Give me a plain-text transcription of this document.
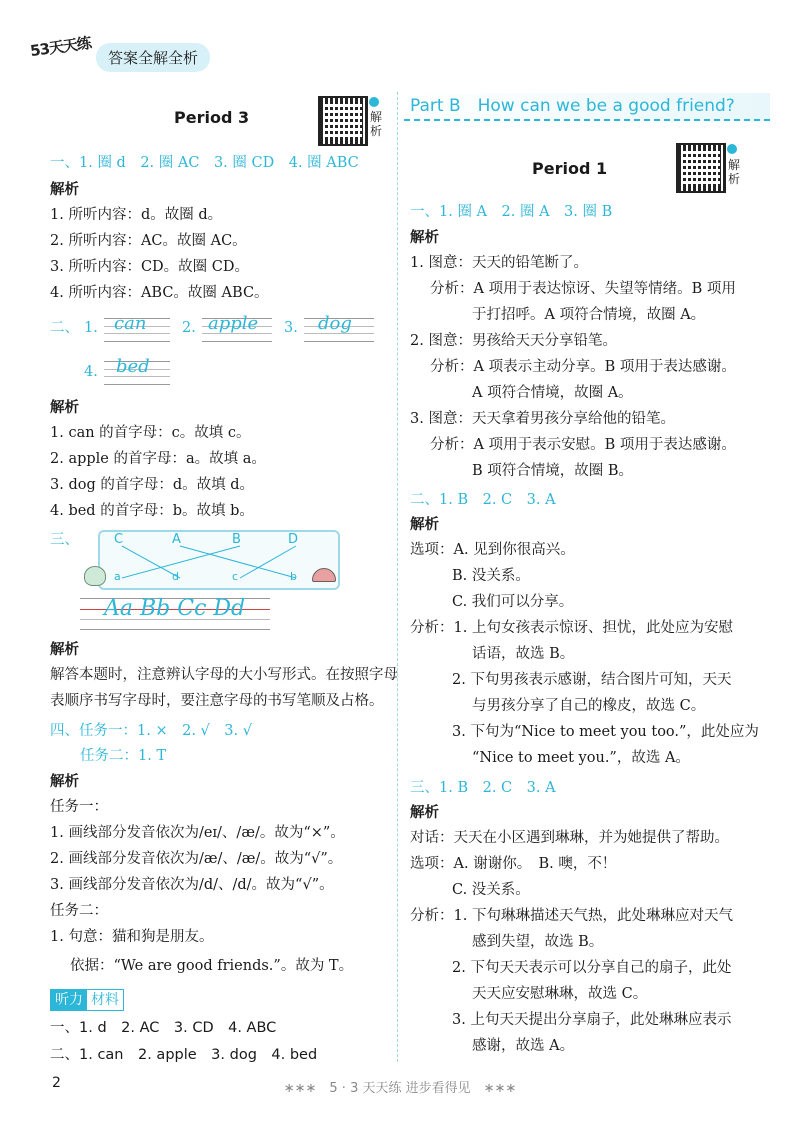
53天天练	答案全解全析
Part B　How can we be a good friend?
Period 3	解析
一、1. 圈 d　2. 圈 AC　3. 圈 CD　4. 圈 ABC
解析
1. 所听内容：d。故圈 d。
2. 所听内容：AC。故圈 AC。
3. 所听内容：CD。故圈 CD。
4. 所听内容：ABC。故圈 ABC。
二、 1. can 2. apple 3. dog
4. bed
解析
1. can 的首字母：c。故填 c。
2. apple 的首字母：a。故填 a。
3. dog 的首字母：d。故填 d。
4. bed 的首字母：b。故填 b。
三、	C	A	B	D
a	d	c	b
Aa Bb Cc Dd
解析
解答本题时，注意辨认字母的大小写形式。在按照字母
表顺序书写字母时，要注意字母的书写笔顺及占格。
四、任务一：1. ×　2. √　3. √
任务二：1. T
解析
任务一：
1. 画线部分发音依次为/eɪ/、/æ/。故为“×”。
2. 画线部分发音依次为/æ/、/æ/。故为“√”。
3. 画线部分发音依次为/d/、/d/。故为“√”。
任务二：
1. 句意：猫和狗是朋友。
依据：“We are good friends.”。故为 T。
听力 材料
一、1. d　2. AC　3. CD　4. ABC
二、1. can　2. apple　3. dog　4. bed
Period 1	解析
一、1. 圈 A　2. 圈 A　3. 圈 B
解析
1. 图意：天天的铅笔断了。
分析：A 项用于表达惊讶、失望等情绪。B 项用
于打招呼。A 项符合情境，故圈 A。
2. 图意：男孩给天天分享铅笔。
分析：A 项表示主动分享。B 项用于表达感谢。
A 项符合情境，故圈 A。
3. 图意：天天拿着男孩分享给他的铅笔。
分析：A 项用于表示安慰。B 项用于表达感谢。
B 项符合情境，故圈 B。
二、1. B　2. C　3. A
解析
选项：A. 见到你很高兴。
B. 没关系。
C. 我们可以分享。
分析：1. 上句女孩表示惊讶、担忧，此处应为安慰
话语，故选 B。
2. 下句男孩表示感谢，结合图片可知，天天
与男孩分享了自己的橡皮，故选 C。
3. 下句为“Nice to meet you too.”，此处应为
“Nice to meet you.”，故选 A。
三、1. B　2. C　3. A
解析
对话：天天在小区遇到琳琳，并为她提供了帮助。
选项：A. 谢谢你。　B. 噢，不！
C. 没关系。
分析：1. 下句琳琳描述天气热，此处琳琳应对天气
感到失望，故选 B。
2. 下句天天表示可以分享自己的扇子，此处
天天应安慰琳琳，故选 C。
3. 上句天天提出分享扇子，此处琳琳应表示
感谢，故选 A。
2	∗∗∗　5 · 3 天天练 进步看得见　∗∗∗
